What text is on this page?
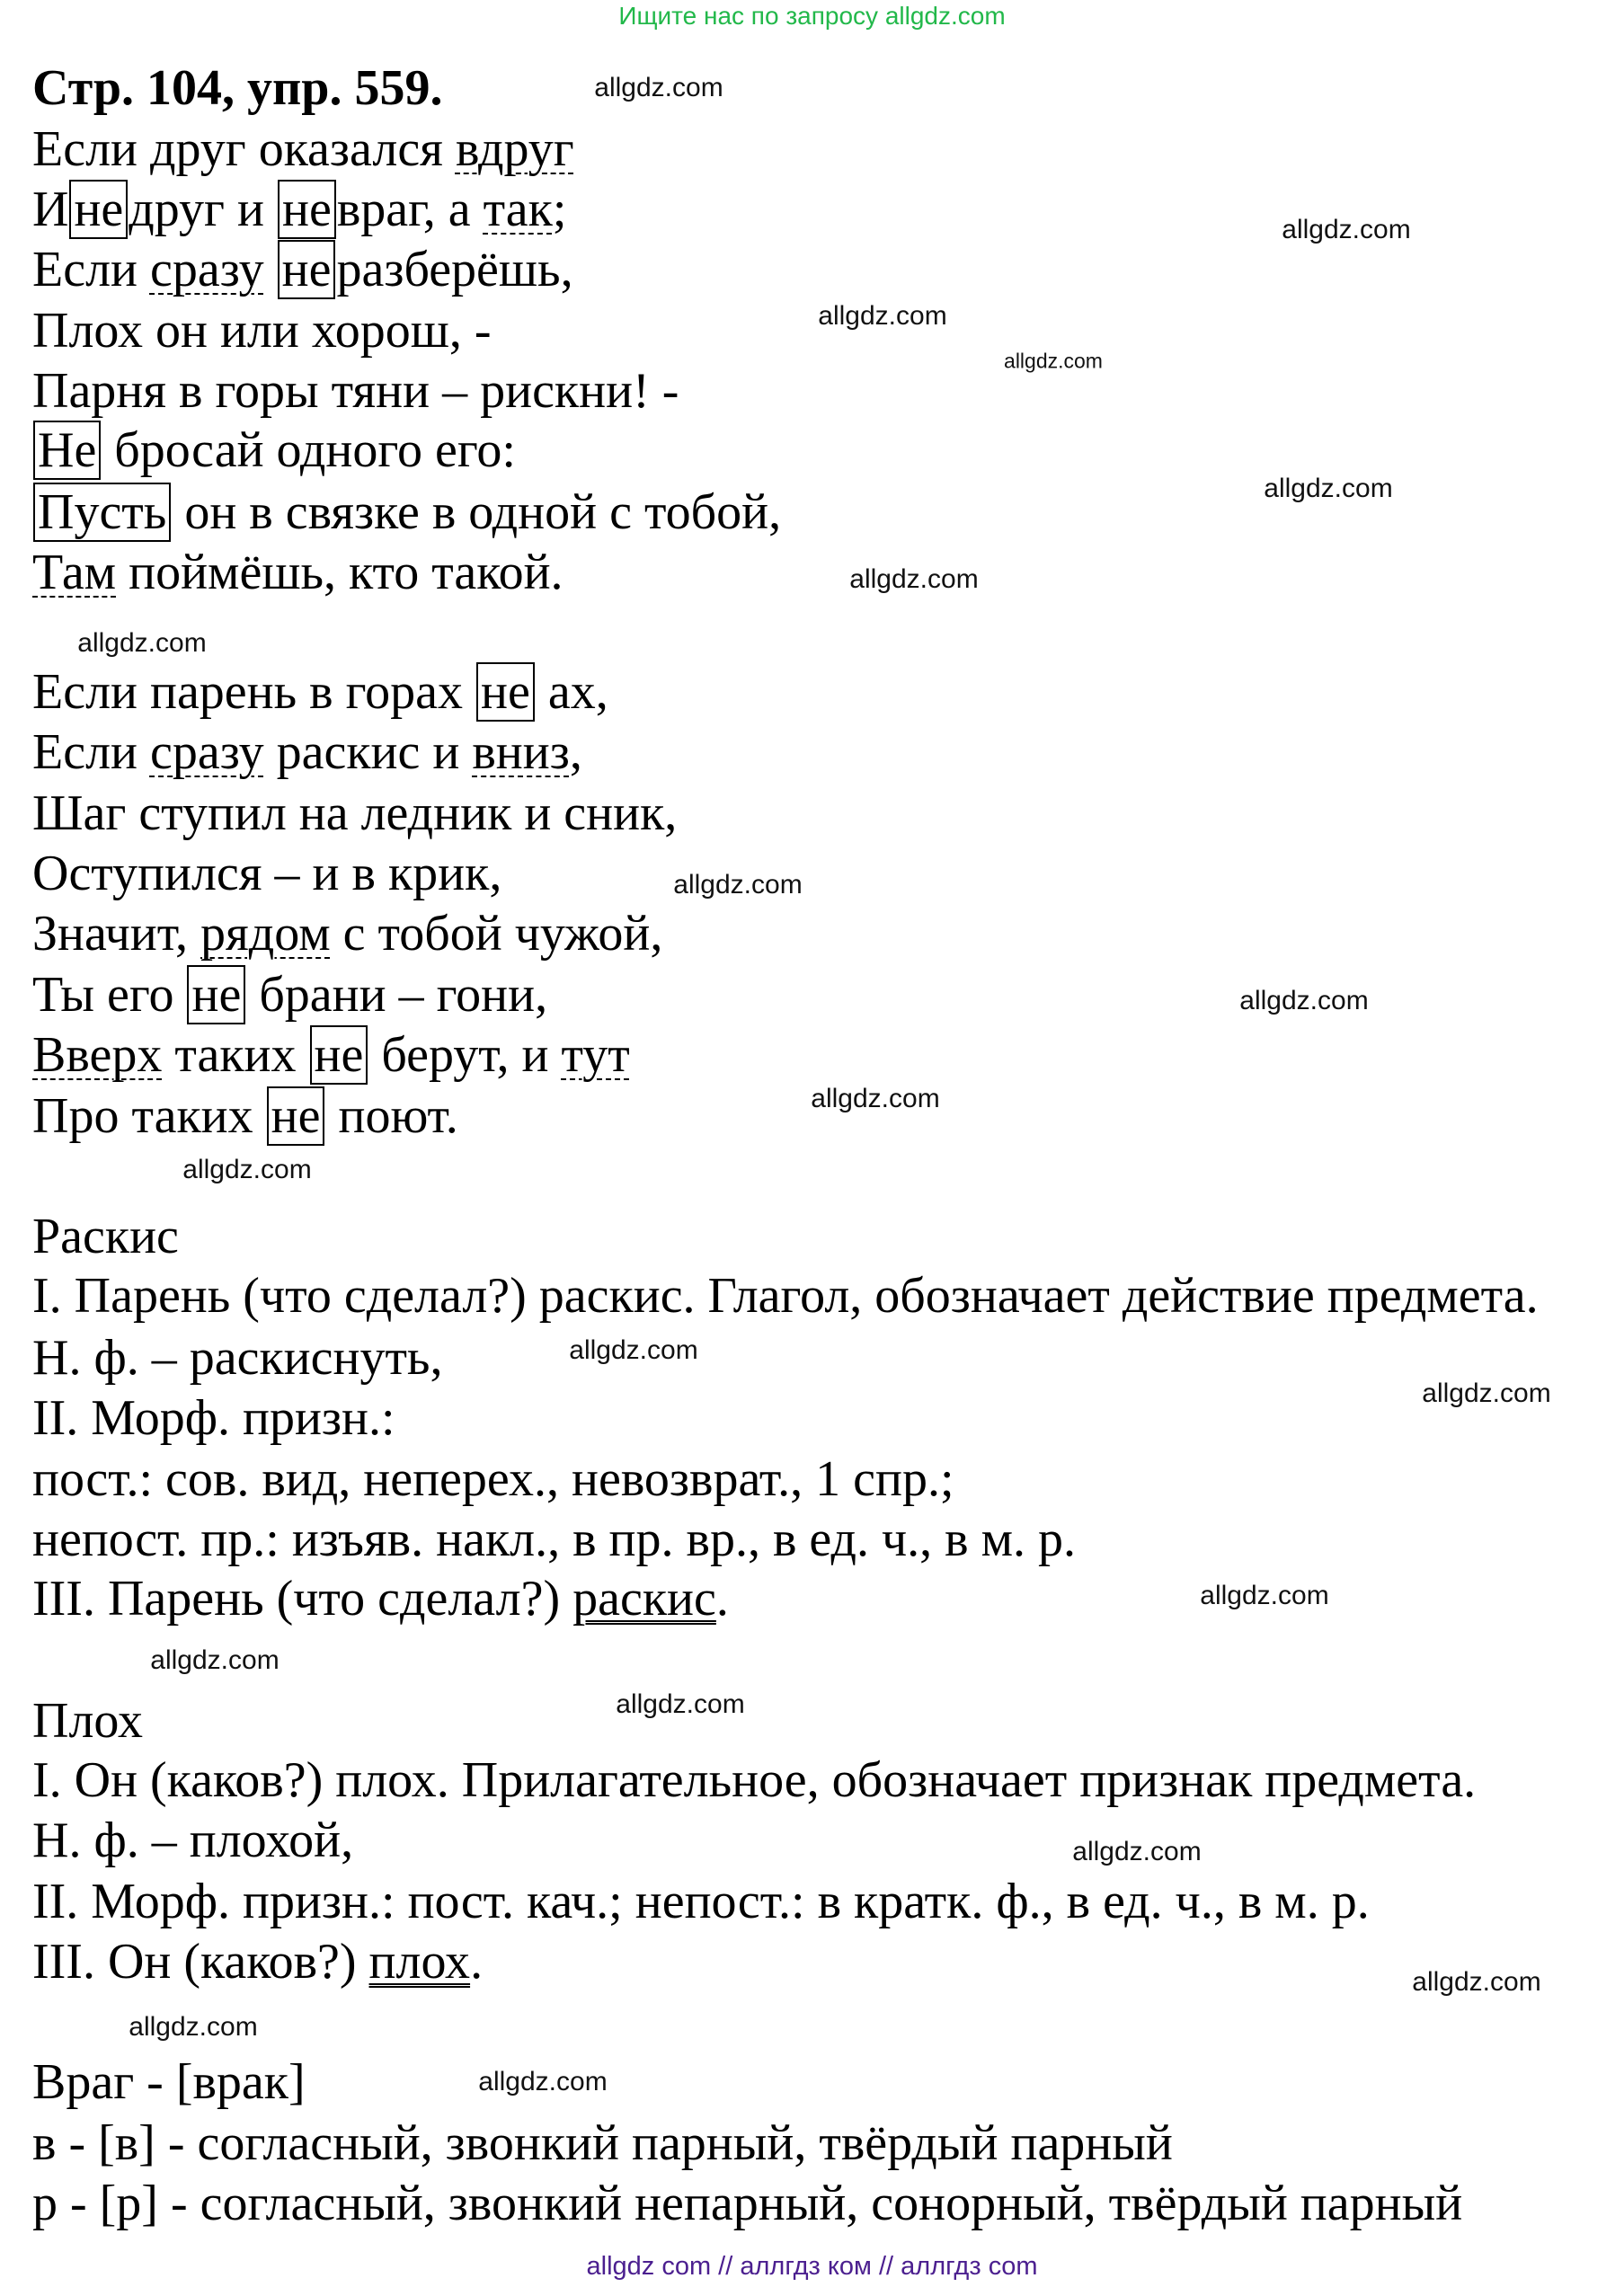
Ищите нас по запросу allgdz.com
Стр. 104, упр. 559.
Если друг оказался вдруг
И не друг и не враг, а так;
Если сразу не разберёшь,
Плох он или хорош, -
Парня в горы тяни – рискни! -
Не бросай одного его:
Пусть он в связке в одной с тобой,
Там поймёшь, кто такой.
Если парень в горах не ах,
Если сразу раскис и вниз,
Шаг ступил на ледник и сник,
Оступился – и в крик,
Значит, рядом с тобой чужой,
Ты его не брани – гони,
Вверх таких не берут, и тут
Про таких не поют.
Раскис
I. Парень (что сделал?) раскис. Глагол, обозначает действие предмета.
Н. ф. – раскиснуть,
II. Морф. призн.:
пост.: сов. вид, неперех., невозврат., 1 спр.;
непост. пр.: изъяв. накл., в пр. вр., в ед. ч., в м. р.
III. Парень (что сделал?) раскис.
Плох
I. Он (каков?) плох. Прилагательное, обозначает признак предмета.
Н. ф. – плохой,
II. Морф. призн.: пост. кач.; непост.: в кратк. ф., в ед. ч., в м. р.
III. Он (каков?) плох.
Враг - [врак]
в - [в] - согласный, звонкий парный, твёрдый парный
р - [р] - согласный, звонкий непарный, сонорный, твёрдый парный
allgdz.com
allgdz.com
allgdz.com
allgdz.com
allgdz.com
allgdz.com
allgdz.com
allgdz.com
allgdz.com
allgdz.com
allgdz.com
allgdz.com
allgdz.com
allgdz.com
allgdz.com
allgdz.com
allgdz.com
allgdz.com
allgdz.com
allgdz.com
allgdz com // аллгдз ком // аллгдз com
